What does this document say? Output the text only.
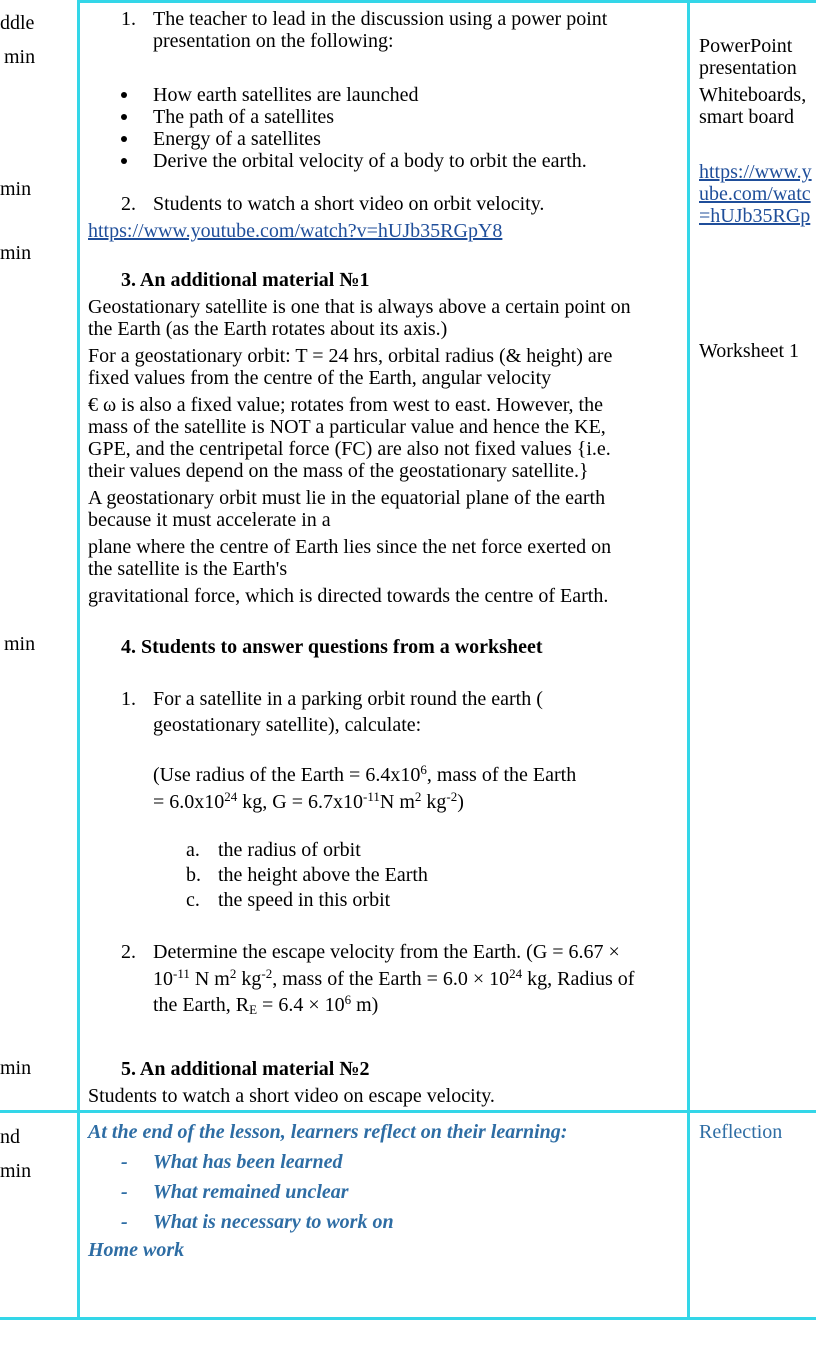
ddle
min
min
min
min
min
nd
min
1. The teacher to lead in the discussion using a power point
presentation on the following:
How earth satellites are launched
The path of a satellites
Energy of a satellites
Derive the orbital velocity of a body to orbit the earth.
2. Students to watch a short video on orbit velocity.
https://www.youtube.com/watch?v=hUJb35RGpY8
3. An additional material №1
Geostationary satellite is one that is always above a certain point on
the Earth (as the Earth rotates about its axis.)
For a geostationary orbit: T = 24 hrs, orbital radius (& height) are
fixed values from the centre of the Earth, angular velocity
€ ω is also a fixed value; rotates from west to east. However, the
mass of the satellite is NOT a particular value and hence the KE,
GPE, and the centripetal force (FC) are also not fixed values {i.e.
their values depend on the mass of the geostationary satellite.}
A geostationary orbit must lie in the equatorial plane of the earth
because it must accelerate in a
plane where the centre of Earth lies since the net force exerted on
the satellite is the Earth's
gravitational force, which is directed towards the centre of Earth.
4. Students to answer questions from a worksheet
1. For a satellite in a parking orbit round the earth (
geostationary satellite), calculate:
(Use radius of the Earth = $6.4x10^6$, mass of the Earth
= $6.0x10^{24}$ kg, $G = 6.7x10^{-11}N$ $m^2$ $kg^{-2}$)
a. the radius of orbit
b. the height above the Earth
c. the speed in this orbit
2. Determine the escape velocity from the Earth. (G = 6.67 ×
$10^{-11}$ N $m^2$ $kg^{-2}$, mass of the Earth = $6.0 \times 10^{24}$ kg, Radius of
the Earth, $R_E = 6.4 \times 10^6$ m)
5. An additional material №2
Students to watch a short video on escape velocity.
At the end of the lesson, learners reflect on their learning:
- What has been learned
- What remained unclear
- What is necessary to work on
Home work
PowerPoint
presentation
Whiteboards,
smart board
https://www.y
ube.com/watc
=hUJb35RGp
Worksheet 1
Reflection
